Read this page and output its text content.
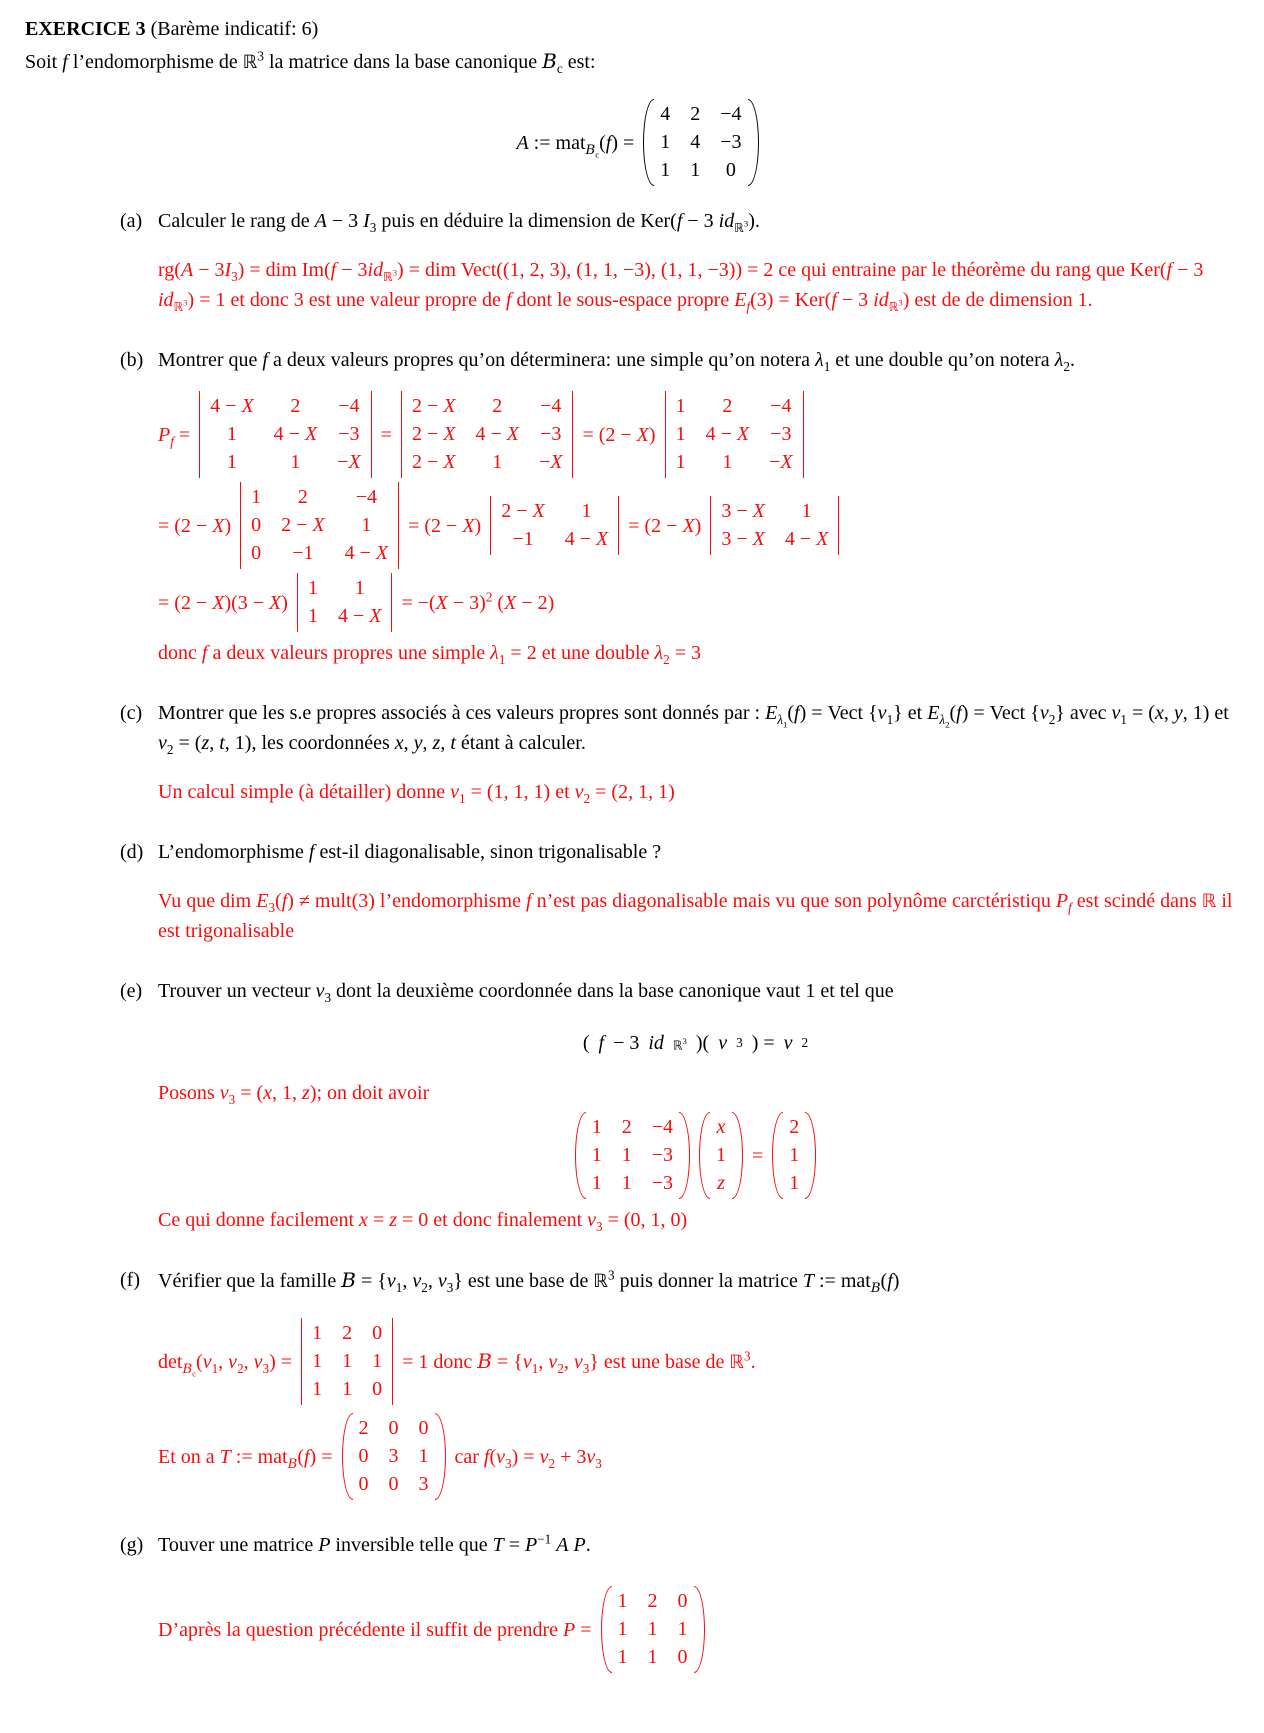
EXERCICE 3 (Barème indicatif: 6)
Soit f l’endomorphisme de ℝ$^3$ la matrice dans la base canonique $B_c$ est:
A := mat$_{B_c}$(f) =
4 2 −4
1 4 −3
1 1 0
(a) Calculer le rang de A − 3 $I_3$ puis en déduire la dimension de Ker(f − 3 $id_{ℝ^3}$).
$rg(A - 3I_3)$ = dim $Im(f - 3id_{ℝ^3})$ = dim Vect((1, 2, 3), (1, 1, −3), (1, 1, −3)) = 2 ce qui entraine par le théorème du rang que Ker(f − 3 $id_{ℝ^3}) = 1$ et donc 3 est une valeur propre de f dont le sous-espace propre $E_f(3) = Ker(f - 3$ $id_{ℝ^3}$) est de de dimension 1.
(b) Montrer que f a deux valeurs propres qu’on déterminera: une simple qu’on notera $\lambda_1$ et une double qu’on notera $\lambda_2$.
$P_f$ =
4 − X 2 −4
1 4 − X −3
1	1 −X
=
2 − X 2 −4
2 − X 4 − X −3
2 − X 1 −X
= (2 − X)
1 2 −4
1 4 − X −3
1 1 −X
= (2 − X)
1 2 −4
0 2 − X 1
0 −1 4 − X
= (2 − X)
2 − X 1
−1 4 − X
= (2 − X)
3 − X 1
3 − X 4 − X
= (2 − X)(3 − X)
1 1
1 4 − X
= $-(X - 3)^2$ (X − 2)
donc f a deux valeurs propres une simple $\lambda_1 = 2$ et une double $\lambda_2 = 3$
(c) Montrer que les s.e propres associés à ces valeurs propres sont donnés par : $E_{\lambda_1}(f)$ = Vect $\{v_1\}$ et $E_{\lambda_2}(f)$ = Vect $\{v_2\}$ avec $v_1 = (x$, y, 1) et $v_2 = (z$, t, 1), les coordonnées x, y, z, t étant à calculer.
Un calcul simple (à détailler) donne $v_1 = (1$, 1, 1) et $v_2 = (2$, 1, 1)
(d) L’endomorphisme f est-il diagonalisable, sinon trigonalisable ?
Vu que dim $E_3(f)$ ≠ mult(3) l’endomorphisme f n’est pas diagonalisable mais vu que son polynôme carctéristiqu $P_f$ est scindé dans ℝ il est trigonalisable
(e) Trouver un vecteur $v_3$ dont la deuxième coordonnée dans la base canonique vaut 1 et tel que
( f − 3 id ℝ$^3$ )( v 3 ) = v 2
Posons $v_3 = (x$, 1, z); on doit avoir
1 2 −4
1 1 −3
1 1 −3
x
1
z
=
2
1
1
Ce qui donne facilement x = z = 0 et donc finalement $v_3 = (0$, 1, 0)
(f) Vérifier que la famille $B = \{v_1$, $v_2$, $v_3$} est une base de ℝ$^3$ puis donner la matrice T := mat$_B$(f)
$\det_{B_c}(v_1$, $v_2$, $v_3$) =
1 2 0
1 1 1
1 1 0
= 1 donc $B = \{v_1$, $v_2$, $v_3$} est une base de ℝ$^3$.
Et on a T := mat$_B$(f) =
2 0 0
0 3 1
0 0 3
car $f(v_3) = v_2 + 3v_3$
(g) Touver une matrice P inversible telle que $T = P^{-1}$ A P.
D’après la question précédente il suffit de prendre P =
1 2 0
1 1 1
1 1 0
